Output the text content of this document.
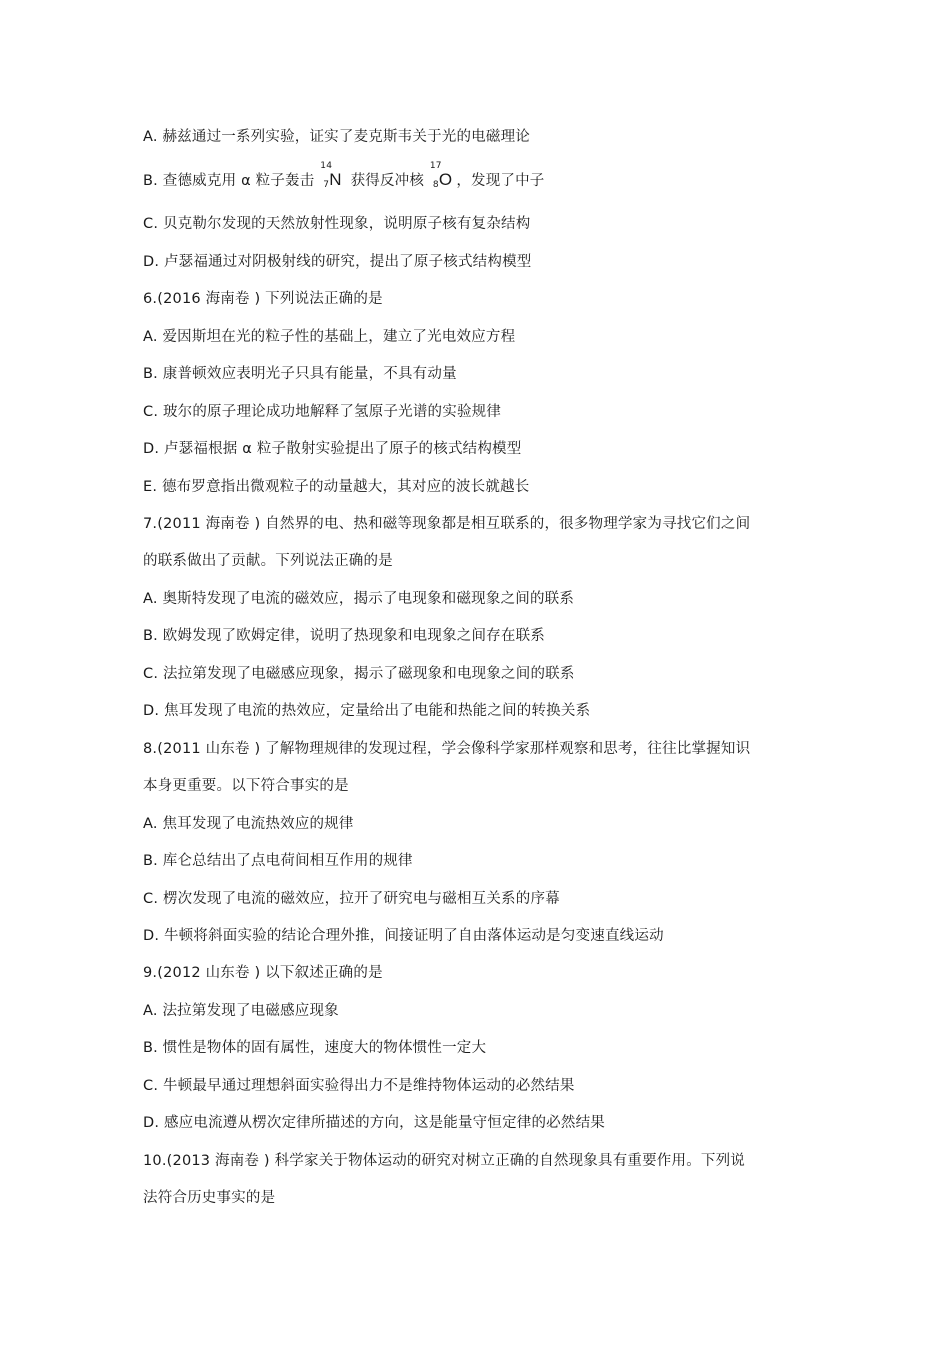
A. 赫兹通过一系列实验，证实了麦克斯韦关于光的电磁理论
B. 查德威克用 α 粒子轰击
14
7 N 获得反冲核
17
8 O ，发现了中子
C. 贝克勒尔发现的天然放射性现象，说明原子核有复杂结构
D. 卢瑟福通过对阴极射线的研究，提出了原子核式结构模型
6.(2016 海南卷 ) 下列说法正确的是
A. 爱因斯坦在光的粒子性的基础上，建立了光电效应方程
B. 康普顿效应表明光子只具有能量，不具有动量
C. 玻尔的原子理论成功地解释了氢原子光谱的实验规律
D. 卢瑟福根据 α 粒子散射实验提出了原子的核式结构模型
E. 德布罗意指出微观粒子的动量越大，其对应的波长就越长
7.(2011 海南卷 ) 自然界的电、热和磁等现象都是相互联系的，很多物理学家为寻找它们之间
的联系做出了贡献。下列说法正确的是
A. 奥斯特发现了电流的磁效应，揭示了电现象和磁现象之间的联系
B. 欧姆发现了欧姆定律，说明了热现象和电现象之间存在联系
C. 法拉第发现了电磁感应现象，揭示了磁现象和电现象之间的联系
D. 焦耳发现了电流的热效应，定量给出了电能和热能之间的转换关系
8.(2011 山东卷 ) 了解物理规律的发现过程，学会像科学家那样观察和思考，往往比掌握知识
本身更重要。以下符合事实的是
A. 焦耳发现了电流热效应的规律
B. 库仑总结出了点电荷间相互作用的规律
C. 楞次发现了电流的磁效应，拉开了研究电与磁相互关系的序幕
D. 牛顿将斜面实验的结论合理外推，间接证明了自由落体运动是匀变速直线运动
9.(2012 山东卷 ) 以下叙述正确的是
A. 法拉第发现了电磁感应现象
B. 惯性是物体的固有属性，速度大的物体惯性一定大
C. 牛顿最早通过理想斜面实验得出力不是维持物体运动的必然结果
D. 感应电流遵从楞次定律所描述的方向，这是能量守恒定律的必然结果
10.(2013 海南卷 ) 科学家关于物体运动的研究对树立正确的自然现象具有重要作用。下列说
法符合历史事实的是
